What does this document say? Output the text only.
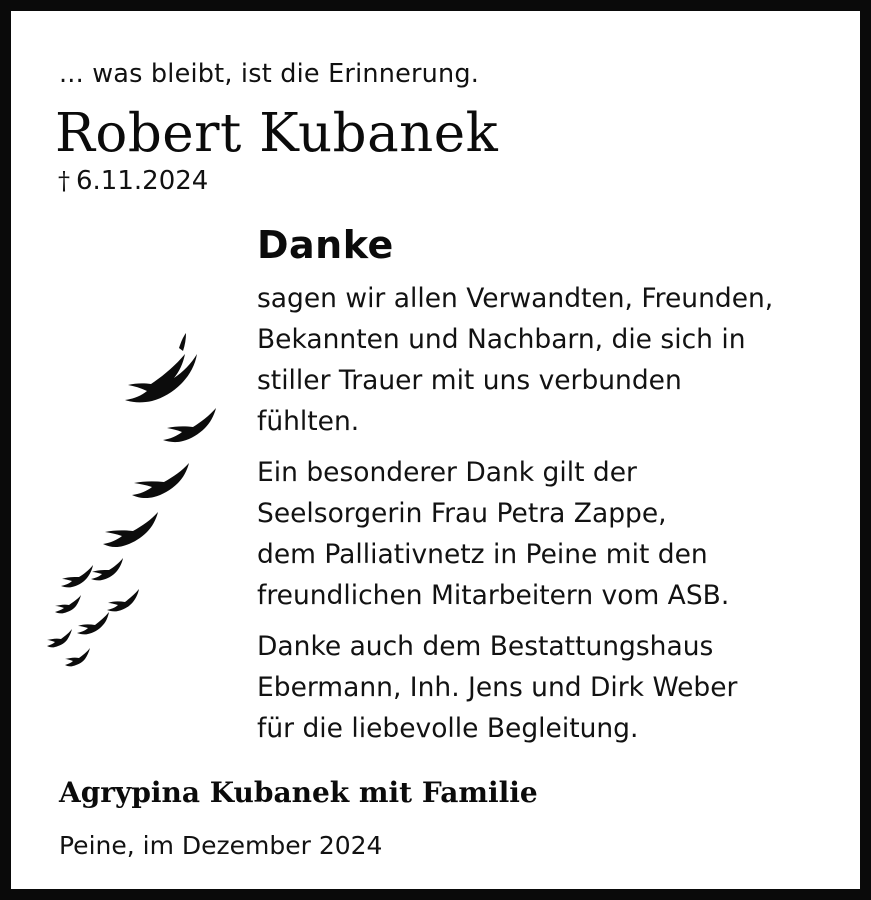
... was bleibt, ist die Erinnerung.
Robert Kubanek
† 6.11.2024
Danke
sagen wir allen Verwandten, Freunden,
Bekannten und Nachbarn, die sich in
stiller Trauer mit uns verbunden
fühlten.
Ein besonderer Dank gilt der
Seelsorgerin Frau Petra Zappe,
dem Palliativnetz in Peine mit den
freundlichen Mitarbeitern vom ASB.
Danke auch dem Bestattungshaus
Ebermann, Inh. Jens und Dirk Weber
für die liebevolle Begleitung.
Agrypina Kubanek mit Familie
Peine, im Dezember 2024
